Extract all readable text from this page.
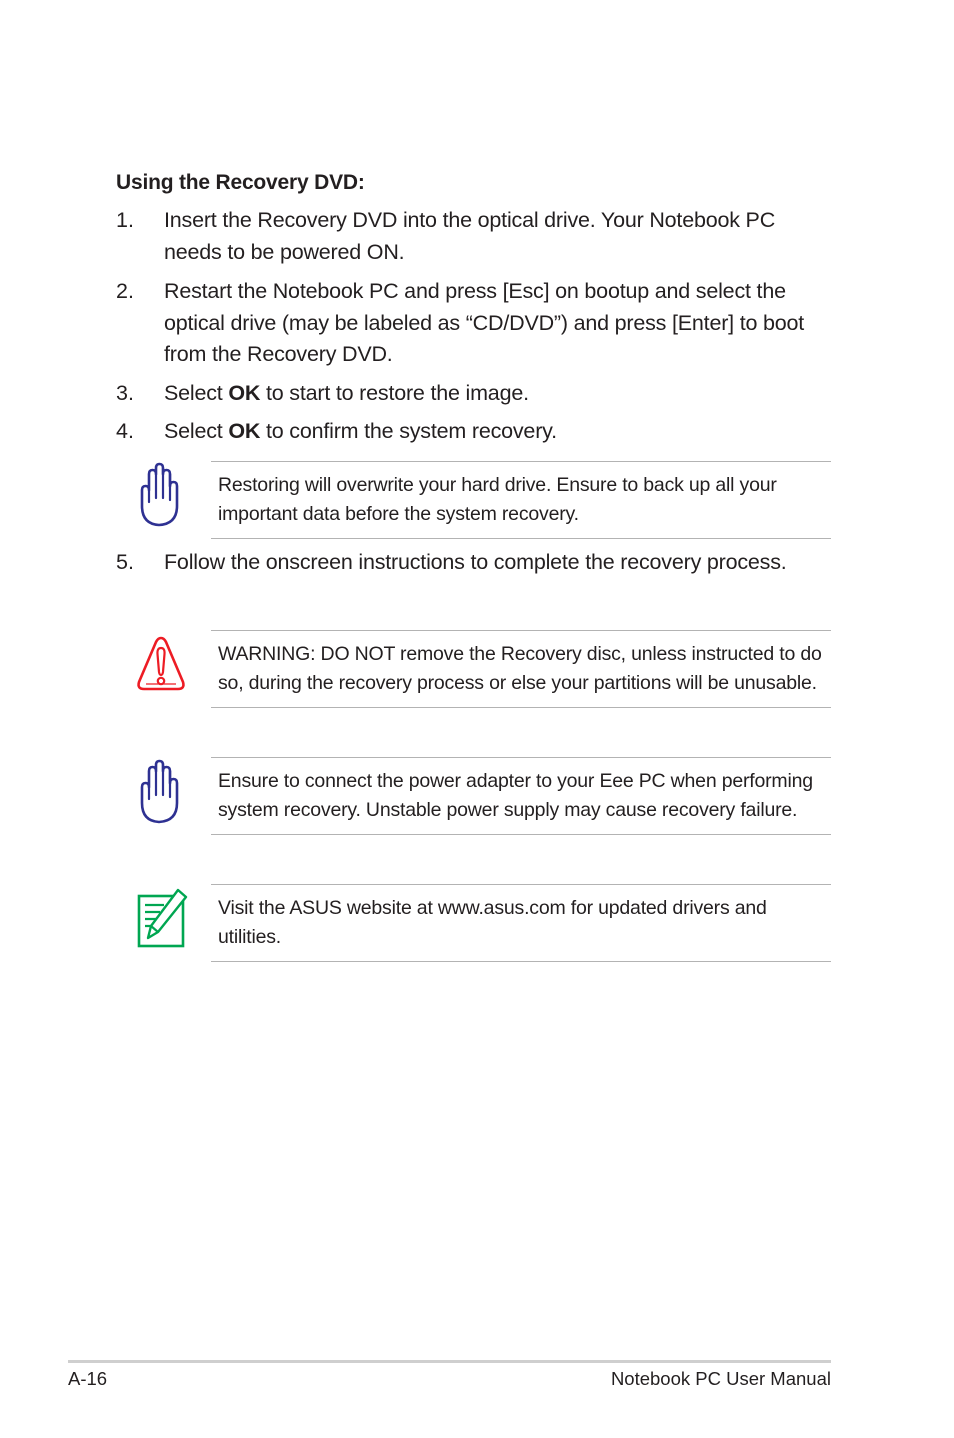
Using the Recovery DVD:
1. Insert the Recovery DVD into the optical drive. Your Notebook PC needs to be powered ON.
2. Restart the Notebook PC and press [Esc] on bootup and select the optical drive (may be labeled as “CD/DVD”) and press [Enter] to boot from the Recovery DVD.
3. Select OK to start to restore the image.
4. Select OK to confirm the system recovery.
Restoring will overwrite your hard drive. Ensure to back up all your important data before the system recovery.
5. Follow the onscreen instructions to complete the recovery process.
WARNING: DO NOT remove the Recovery disc, unless instructed to do so, during the recovery process or else your partitions will be unusable.
Ensure to connect the power adapter to your Eee PC when performing system recovery. Unstable power supply may cause recovery failure.
Visit the ASUS website at www.asus.com for updated drivers and utilities.
A-16	Notebook PC User Manual
